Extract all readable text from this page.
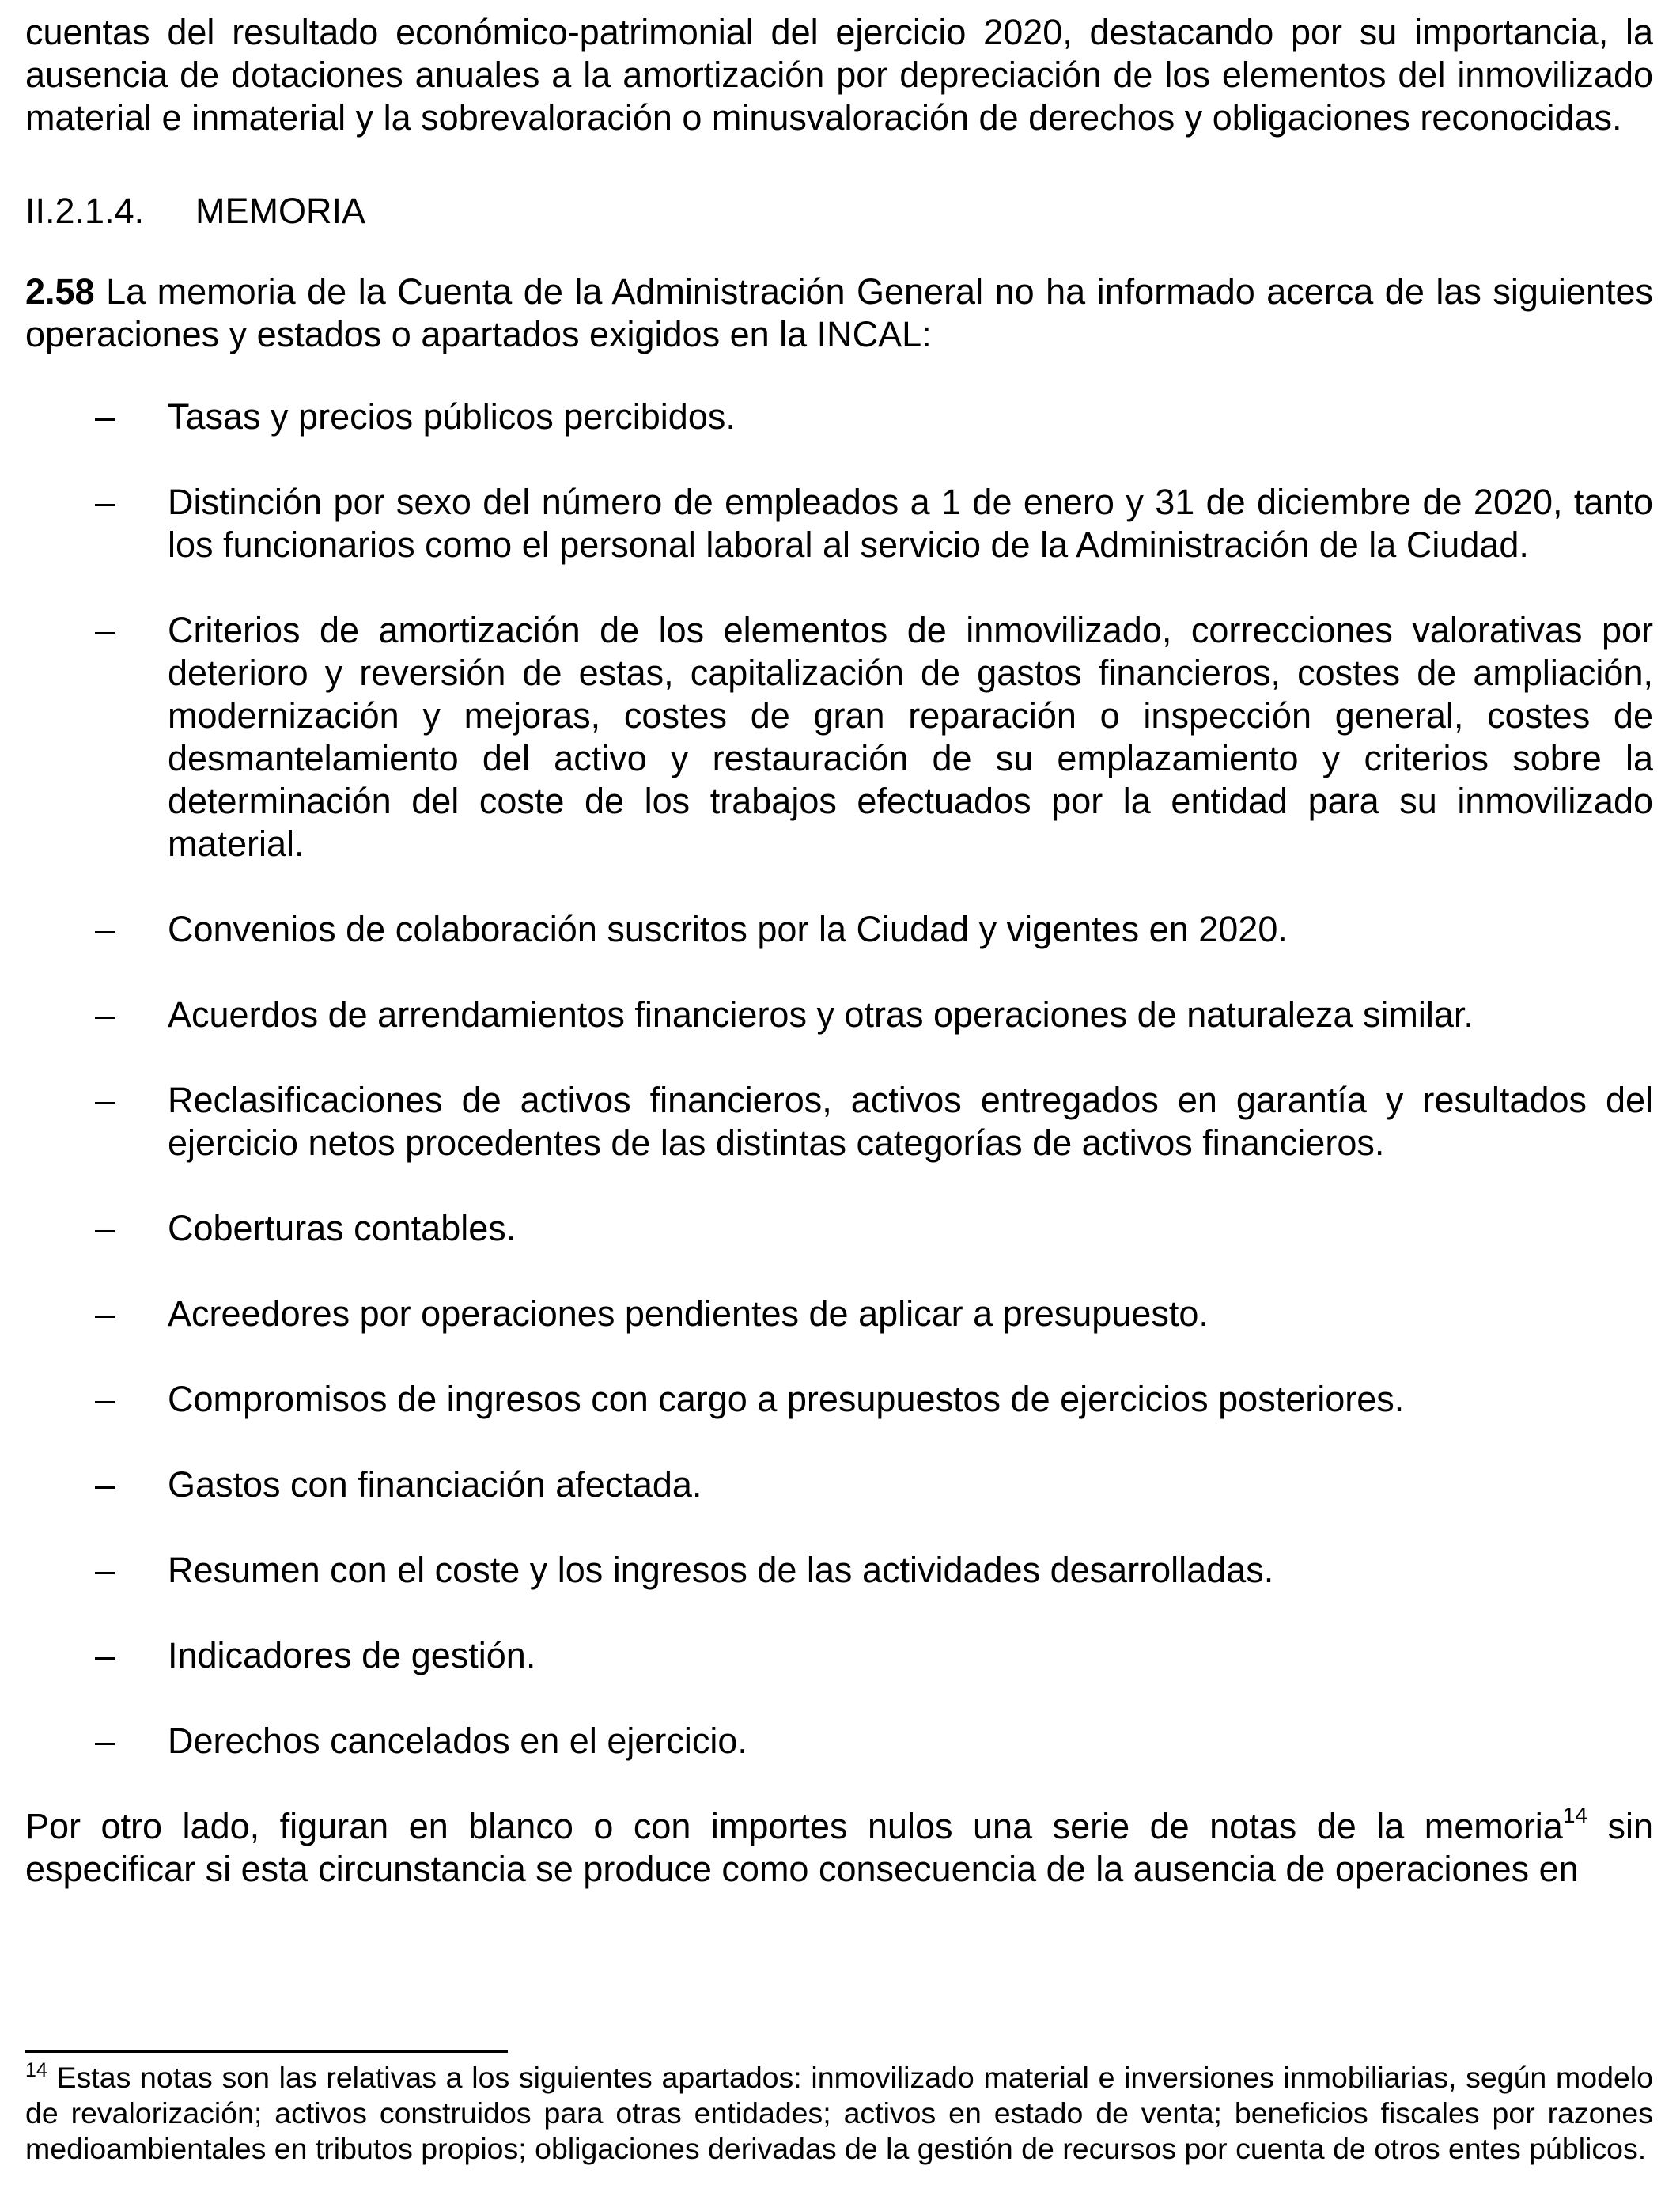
cuentas del resultado económico-patrimonial del ejercicio 2020, destacando por su importancia, la ausencia de dotaciones anuales a la amortización por depreciación de los elementos del inmovilizado material e inmaterial y la sobrevaloración o minusvaloración de derechos y obligaciones reconocidas.

II.2.1.4.	MEMORIA

2.58 La memoria de la Cuenta de la Administración General no ha informado acerca de las siguientes operaciones y estados o apartados exigidos en la INCAL:

– Tasas y precios públicos percibidos.
– Distinción por sexo del número de empleados a 1 de enero y 31 de diciembre de 2020, tanto los funcionarios como el personal laboral al servicio de la Administración de la Ciudad.
– Criterios de amortización de los elementos de inmovilizado, correcciones valorativas por deterioro y reversión de estas, capitalización de gastos financieros, costes de ampliación, modernización y mejoras, costes de gran reparación o inspección general, costes de desmantelamiento del activo y restauración de su emplazamiento y criterios sobre la determinación del coste de los trabajos efectuados por la entidad para su inmovilizado material.
– Convenios de colaboración suscritos por la Ciudad y vigentes en 2020.
– Acuerdos de arrendamientos financieros y otras operaciones de naturaleza similar.
– Reclasificaciones de activos financieros, activos entregados en garantía y resultados del ejercicio netos procedentes de las distintas categorías de activos financieros.
– Coberturas contables.
– Acreedores por operaciones pendientes de aplicar a presupuesto.
– Compromisos de ingresos con cargo a presupuestos de ejercicios posteriores.
– Gastos con financiación afectada.
– Resumen con el coste y los ingresos de las actividades desarrolladas.
– Indicadores de gestión.
– Derechos cancelados en el ejercicio.

Por otro lado, figuran en blanco o con importes nulos una serie de notas de la memoria$^{14}$ sin especificar si esta circunstancia se produce como consecuencia de la ausencia de operaciones en

$^{14}$ Estas notas son las relativas a los siguientes apartados: inmovilizado material e inversiones inmobiliarias, según modelo de revalorización; activos construidos para otras entidades; activos en estado de venta; beneficios fiscales por razones medioambientales en tributos propios; obligaciones derivadas de la gestión de recursos por cuenta de otros entes públicos.
